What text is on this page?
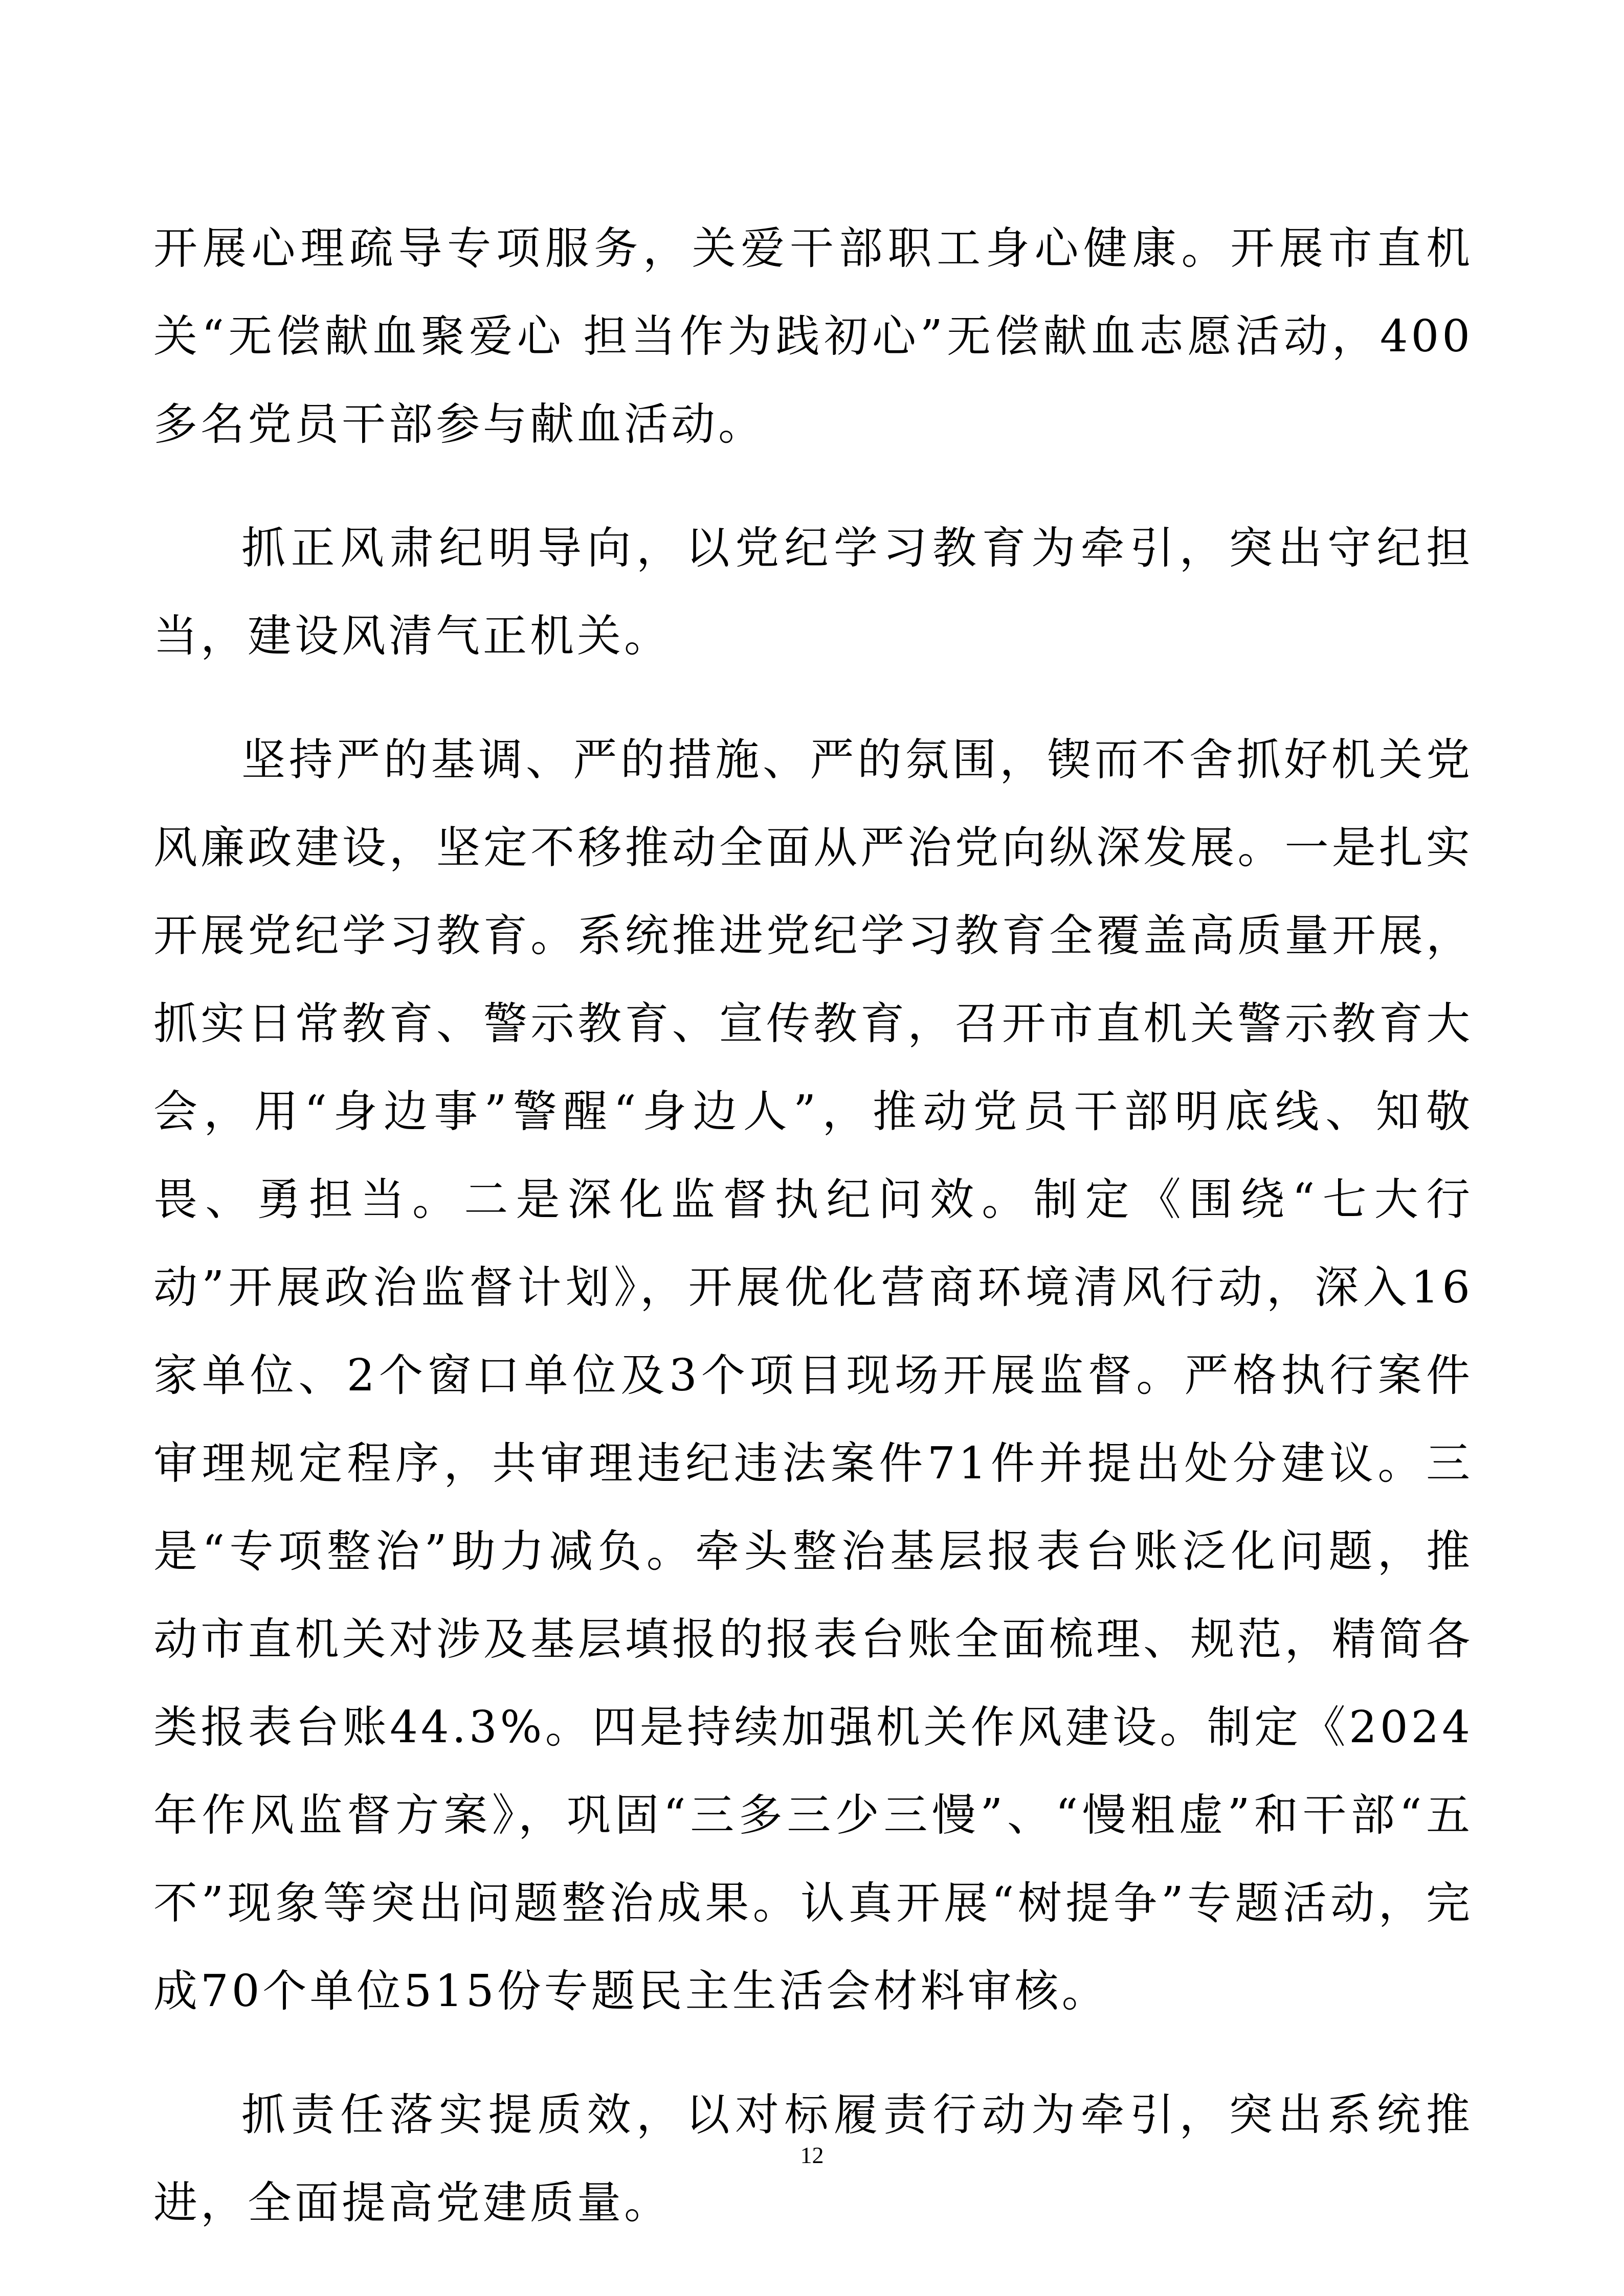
开展心理疏导专项服务，关爱干部职工身心健康。开展市直机关“无偿献血聚爱心 担当作为践初心”无偿献血志愿活动，400多名党员干部参与献血活动。

抓正风肃纪明导向，以党纪学习教育为牵引，突出守纪担当，建设风清气正机关。

坚持严的基调、严的措施、严的氛围，锲而不舍抓好机关党风廉政建设，坚定不移推动全面从严治党向纵深发展。一是扎实开展党纪学习教育。系统推进党纪学习教育全覆盖高质量开展，抓实日常教育、警示教育、宣传教育，召开市直机关警示教育大会，用“身边事”警醒“身边人”，推动党员干部明底线、知敬畏、勇担当。二是深化监督执纪问效。制定《围绕“七大行动”开展政治监督计划》，开展优化营商环境清风行动，深入16家单位、2个窗口单位及3个项目现场开展监督。严格执行案件审理规定程序，共审理违纪违法案件71件并提出处分建议。三是“专项整治”助力减负。牵头整治基层报表台账泛化问题，推动市直机关对涉及基层填报的报表台账全面梳理、规范，精简各类报表台账44.3%。四是持续加强机关作风建设。制定《2024年作风监督方案》，巩固“三多三少三慢”、“慢粗虚”和干部“五不”现象等突出问题整治成果。认真开展“树提争”专题活动，完成70个单位515份专题民主生活会材料审核。

抓责任落实提质效，以对标履责行动为牵引，突出系统推进，全面提高党建质量。

12
